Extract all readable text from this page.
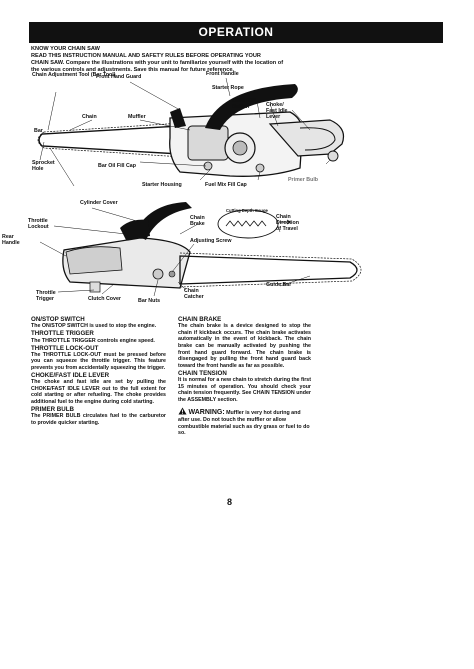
OPERATION
KNOW YOUR CHAIN SAW
READ THIS INSTRUCTION MANUAL AND SAFETY RULES BEFORE OPERATING YOUR
CHAIN SAW. Compare the illustrations with your unit to familiarize yourself with the location of
the various controls and adjustments. Save this manual for future reference.
Chain Adjustment Tool (Bar Tool)
Front Hand Guard	Front Handle
Starter Rope
ON/STOP
Switch	Choke/
Fast Idle
Lever
Chain	Muffler
Bar
Sprocket
Hole	Bar Oil Fill Cap
Primer Bulb
Starter Housing	Fuel Mix Fill Cap
Cylinder Cover
Throttle
Lockout
Rear
Handle
Chain
Brake
Adjusting Screw
Cutting Depth Gauge
Chain
Direction
of Travel
Guide Bar
Throttle
Trigger	Clutch Cover	Bar Nuts
Chain
Catcher
ON/STOP SWITCH
The ON/STOP SWITCH is used to stop the engine.
THROTTLE TRIGGER
The THROTTLE TRIGGER controls engine speed.
THROTTLE LOCK-OUT
The THROTTLE LOCK-OUT must be pressed before you can squeeze the throttle trigger. This feature prevents you from accidentally squeezing the trigger.
CHOKE/FAST IDLE LEVER
The choke and fast idle are set by pulling the CHOKE/FAST IDLE LEVER out to the full extent for cold starting or after refueling. The choke provides additional fuel to the engine during cold starting.
PRIMER BULB
The PRIMER BULB circulates fuel to the carburetor to provide quicker starting.
CHAIN BRAKE
The chain brake is a device designed to stop the chain if kickback occurs. The chain brake activates automatically in the event of kickback. The chain brake can be manually activated by pushing the front hand guard forward. The chain brake is disengaged by pulling the front hand guard back toward the front handle as far as possible.
CHAIN TENSION
It is normal for a new chain to stretch during the first 15 minutes of operation. You should check your chain tension frequently. See CHAIN TENSION under the ASSEMBLY section.
WARNING: Muffler is very hot during and after use. Do not touch the muffler or allow combustible material such as dry grass or fuel to do so.
8
